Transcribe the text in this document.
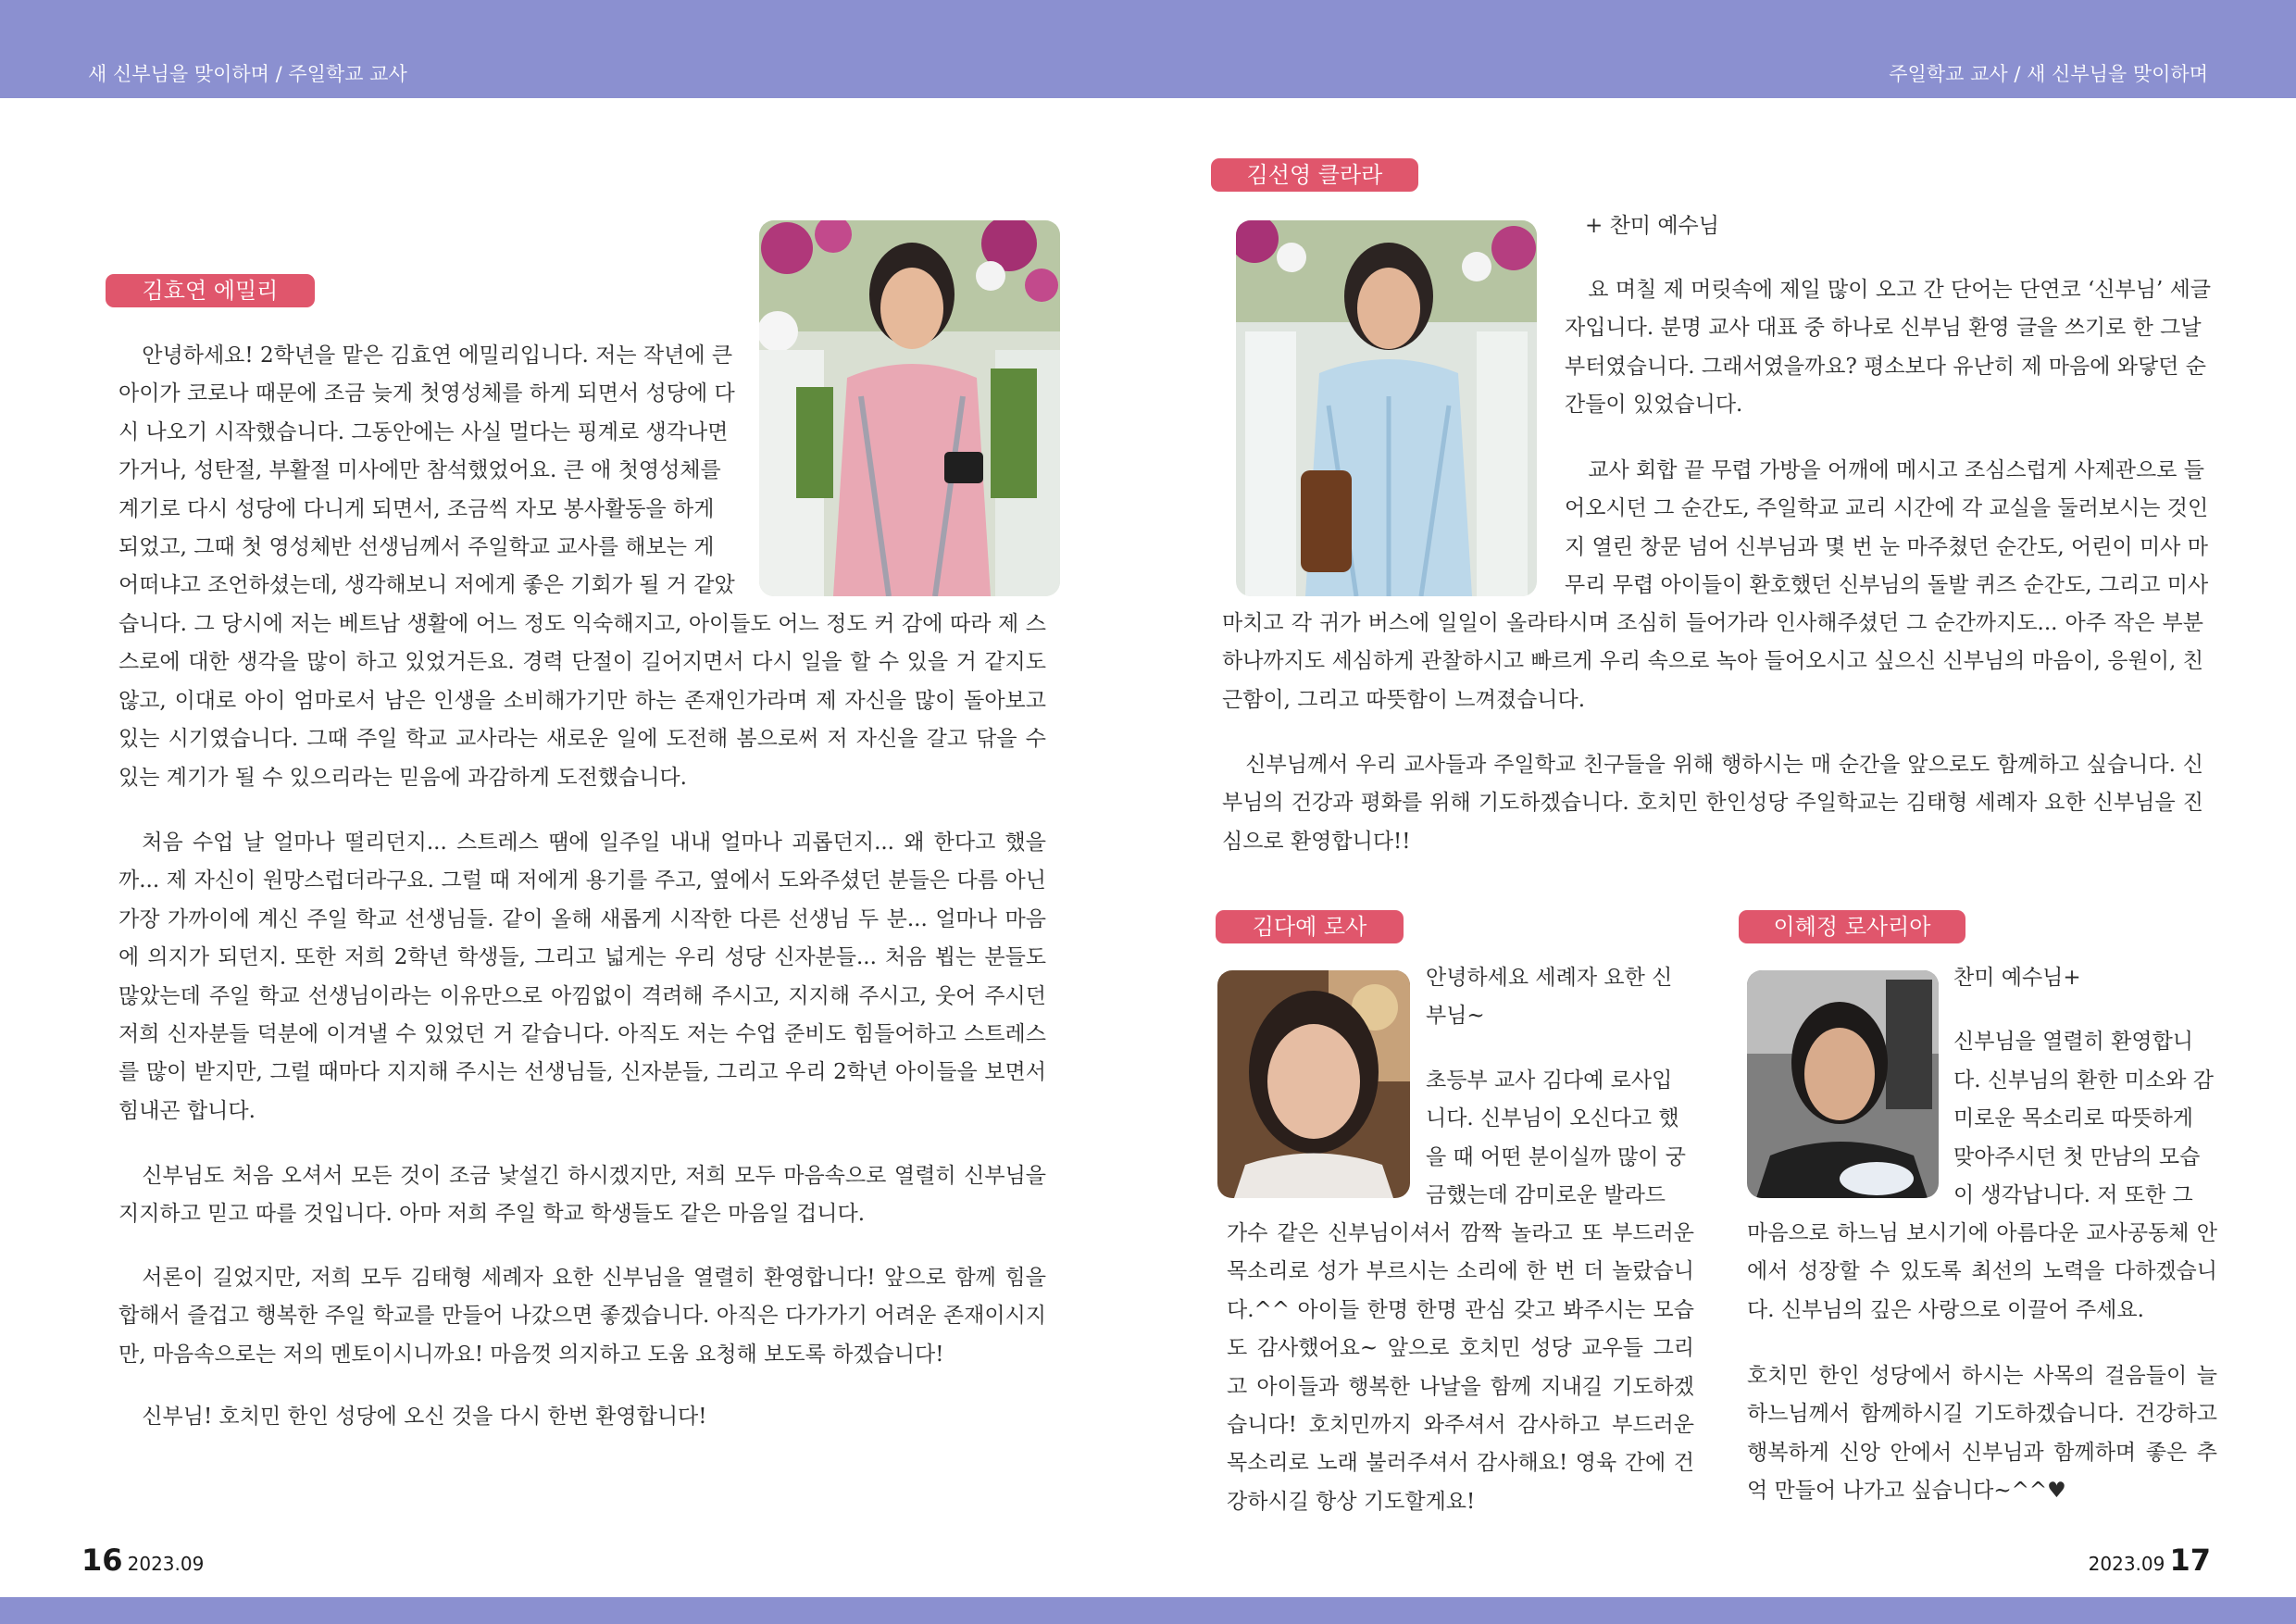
새 신부님을 맞이하며 / 주일학교 교사	주일학교 교사 / 새 신부님을 맞이하며
16 2023.09	2023.09 17
김효연 에밀리
안녕하세요! 2학년을 맡은 김효연 에밀리입니다. 저는 작년에 큰
아이가 코로나 때문에 조금 늦게 첫영성체를 하게 되면서 성당에 다
시 나오기 시작했습니다. 그동안에는 사실 멀다는 핑계로 생각나면
가거나, 성탄절, 부활절 미사에만 참석했었어요. 큰 애 첫영성체를
계기로 다시 성당에 다니게 되면서, 조금씩 자모 봉사활동을 하게
되었고, 그때 첫 영성체반 선생님께서 주일학교 교사를 해보는 게
어떠냐고 조언하셨는데, 생각해보니 저에게 좋은 기회가 될 거 같았

습니다. 그 당시에 저는 베트남 생활에 어느 정도 익숙해지고, 아이들도 어느 정도 커 감에 따라 제 스스로에 대한 생각을 많이 하고 있었거든요. 경력 단절이 길어지면서 다시 일을 할 수 있을 거 같지도 않고, 이대로 아이 엄마로서 남은 인생을 소비해가기만 하는 존재인가라며 제 자신을 많이 돌아보고 있는 시기였습니다. 그때 주일 학교 교사라는 새로운 일에 도전해 봄으로써 저 자신을 갈고 닦을 수 있는 계기가 될 수 있으리라는 믿음에 과감하게 도전했습니다.

처음 수업 날 얼마나 떨리던지... 스트레스 땜에 일주일 내내 얼마나 괴롭던지... 왜 한다고 했을까... 제 자신이 원망스럽더라구요. 그럴 때 저에게 용기를 주고, 옆에서 도와주셨던 분들은 다름 아닌 가장 가까이에 계신 주일 학교 선생님들. 같이 올해 새롭게 시작한 다른 선생님 두 분... 얼마나 마음에 의지가 되던지. 또한 저희 2학년 학생들, 그리고 넓게는 우리 성당 신자분들... 처음 뵙는 분들도 많았는데 주일 학교 선생님이라는 이유만으로 아낌없이 격려해 주시고, 지지해 주시고, 웃어 주시던 저희 신자분들 덕분에 이겨낼 수 있었던 거 같습니다. 아직도 저는 수업 준비도 힘들어하고 스트레스를 많이 받지만, 그럴 때마다 지지해 주시는 선생님들, 신자분들, 그리고 우리 2학년 아이들을 보면서 힘내곤 합니다.

신부님도 처음 오셔서 모든 것이 조금 낯설긴 하시겠지만, 저희 모두 마음속으로 열렬히 신부님을 지지하고 믿고 따를 것입니다. 아마 저희 주일 학교 학생들도 같은 마음일 겁니다.

서론이 길었지만, 저희 모두 김태형 세례자 요한 신부님을 열렬히 환영합니다! 앞으로 함께 힘을 합해서 즐겁고 행복한 주일 학교를 만들어 나갔으면 좋겠습니다. 아직은 다가가기 어려운 존재이시지만, 마음속으로는 저의 멘토이시니까요! 마음껏 의지하고 도움 요청해 보도록 하겠습니다!

신부님! 호치민 한인 성당에 오신 것을 다시 한번 환영합니다!

김선영 클라라
+ 찬미 예수님
요 며칠 제 머릿속에 제일 많이 오고 간 단어는 단연코 ‘신부님’ 세글
자입니다. 분명 교사 대표 중 하나로 신부님 환영 글을 쓰기로 한 그날
부터였습니다. 그래서였을까요? 평소보다 유난히 제 마음에 와닿던 순
간들이 있었습니다.
교사 회합 끝 무렵 가방을 어깨에 메시고 조심스럽게 사제관으로 들
어오시던 그 순간도, 주일학교 교리 시간에 각 교실을 둘러보시는 것인
지 열린 창문 넘어 신부님과 몇 번 눈 마주쳤던 순간도, 어린이 미사 마
무리 무렵 아이들이 환호했던 신부님의 돌발 퀴즈 순간도, 그리고 미사

마치고 각 귀가 버스에 일일이 올라타시며 조심히 들어가라 인사해주셨던 그 순간까지도... 아주 작은 부분 하나까지도 세심하게 관찰하시고 빠르게 우리 속으로 녹아 들어오시고 싶으신 신부님의 마음이, 응원이, 친근함이, 그리고 따뜻함이 느껴졌습니다.

신부님께서 우리 교사들과 주일학교 친구들을 위해 행하시는 매 순간을 앞으로도 함께하고 싶습니다. 신부님의 건강과 평화를 위해 기도하겠습니다. 호치민 한인성당 주일학교는 김태형 세례자 요한 신부님을 진심으로 환영합니다!!

김다예 로사
안녕하세요 세례자 요한 신
부님~
초등부 교사 김다예 로사입
니다. 신부님이 오신다고 했
을 때 어떤 분이실까 많이 궁
금했는데 감미로운 발라드

가수 같은 신부님이셔서 깜짝 놀라고 또 부드러운 목소리로 성가 부르시는 소리에 한 번 더 놀랐습니다.^^ 아이들 한명 한명 관심 갖고 봐주시는 모습도 감사했어요~ 앞으로 호치민 성당 교우들 그리고 아이들과 행복한 나날을 함께 지내길 기도하겠습니다! 호치민까지 와주셔서 감사하고 부드러운 목소리로 노래 불러주셔서 감사해요! 영육 간에 건강하시길 항상 기도할게요!

이혜정 로사리아
찬미 예수님+
신부님을 열렬히 환영합니
다. 신부님의 환한 미소와 감
미로운 목소리로 따뜻하게
맞아주시던 첫 만남의 모습
이 생각납니다. 저 또한 그

마음으로 하느님 보시기에 아름다운 교사공동체 안에서 성장할 수 있도록 최선의 노력을 다하겠습니다. 신부님의 깊은 사랑으로 이끌어 주세요.

호치민 한인 성당에서 하시는 사목의 걸음들이 늘 하느님께서 함께하시길 기도하겠습니다. 건강하고 행복하게 신앙 안에서 신부님과 함께하며 좋은 추억 만들어 나가고 싶습니다~^^♥
